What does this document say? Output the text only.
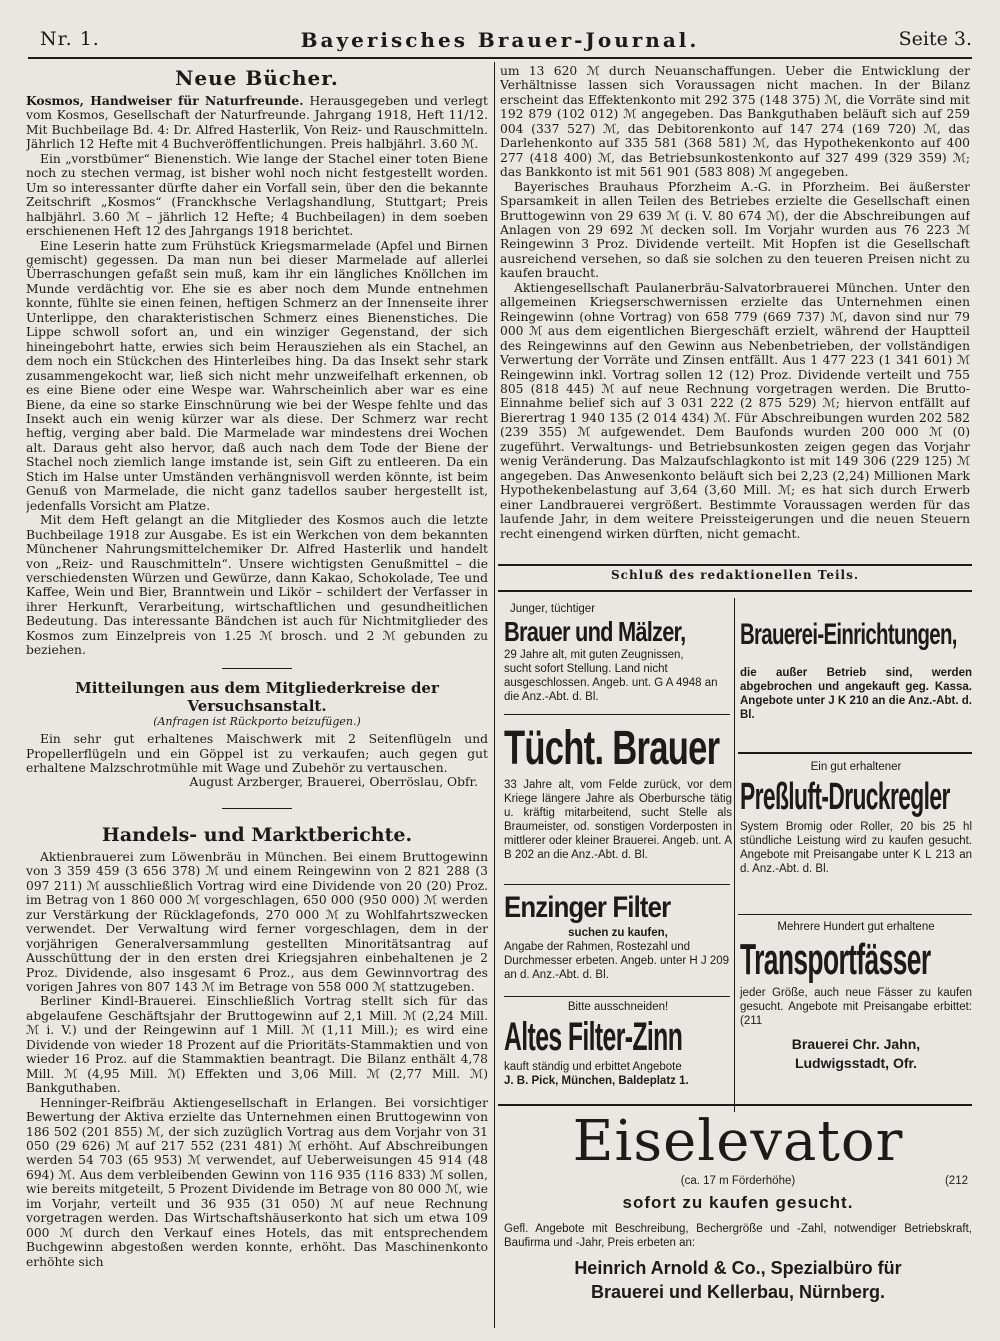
Nr. 1.	Bayerisches Brauer-Journal.	Seite 3.
Neue Bücher.

Kosmos, Handweiser für Naturfreunde. Herausgegeben und verlegt vom Kosmos, Gesellschaft der Naturfreunde. Jahrgang 1918, Heft 11/12. Mit Buchbeilage Bd. 4: Dr. Alfred Hasterlik, Von Reiz- und Rauschmitteln. Jährlich 12 Hefte mit 4 Buchveröffentlichungen. Preis halbjährl. 3.60 ℳ.

Ein „vorstbümer“ Bienenstich. Wie lange der Stachel einer toten Biene noch zu stechen vermag, ist bisher wohl noch nicht festgestellt worden. Um so interessanter dürfte daher ein Vorfall sein, über den die bekannte Zeitschrift „Kosmos“ (Franckhsche Verlagshandlung, Stuttgart; Preis halbjährl. 3.60 ℳ – jährlich 12 Hefte; 4 Buchbeilagen) in dem soeben erschienenen Heft 12 des Jahrgangs 1918 berichtet.

Eine Leserin hatte zum Frühstück Kriegsmarmelade (Apfel und Birnen gemischt) gegessen. Da man nun bei dieser Marmelade auf allerlei Überraschungen gefaßt sein muß, kam ihr ein längliches Knöllchen im Munde verdächtig vor. Ehe sie es aber noch dem Munde entnehmen konnte, fühlte sie einen feinen, heftigen Schmerz an der Innenseite ihrer Unterlippe, den charakteristischen Schmerz eines Bienenstiches. Die Lippe schwoll sofort an, und ein winziger Gegenstand, der sich hineingebohrt hatte, erwies sich beim Herausziehen als ein Stachel, an dem noch ein Stückchen des Hinterleibes hing. Da das Insekt sehr stark zusammengekocht war, ließ sich nicht mehr unzweifelhaft erkennen, ob es eine Biene oder eine Wespe war. Wahrscheinlich aber war es eine Biene, da eine so starke Einschnürung wie bei der Wespe fehlte und das Insekt auch ein wenig kürzer war als diese. Der Schmerz war recht heftig, verging aber bald. Die Marmelade war mindestens drei Wochen alt. Daraus geht also hervor, daß auch nach dem Tode der Biene der Stachel noch ziemlich lange imstande ist, sein Gift zu entleeren. Da ein Stich im Halse unter Umständen verhängnisvoll werden könnte, ist beim Genuß von Marmelade, die nicht ganz tadellos sauber hergestellt ist, jedenfalls Vorsicht am Platze.

Mit dem Heft gelangt an die Mitglieder des Kosmos auch die letzte Buchbeilage 1918 zur Ausgabe. Es ist ein Werkchen von dem bekannten Münchener Nahrungsmittelchemiker Dr. Alfred Hasterlik und handelt von „Reiz- und Rauschmitteln“. Unsere wichtigsten Genußmittel – die verschiedensten Würzen und Gewürze, dann Kakao, Schokolade, Tee und Kaffee, Wein und Bier, Branntwein und Likör – schildert der Verfasser in ihrer Herkunft, Verarbeitung, wirtschaftlichen und gesundheitlichen Bedeutung. Das interessante Bändchen ist auch für Nichtmitglieder des Kosmos zum Einzelpreis von 1.25 ℳ brosch. und 2 ℳ gebunden zu beziehen.

Mitteilungen aus dem Mitgliederkreise der Versuchsanstalt.
(Anfragen ist Rückporto beizufügen.)

Ein sehr gut erhaltenes Maischwerk mit 2 Seitenflügeln und Propellerflügeln und ein Göppel ist zu verkaufen; auch gegen gut erhaltene Malzschrotmühle mit Wage und Zubehör zu vertauschen.

August Arzberger, Brauerei, Oberröslau, Obfr.
Handels- und Marktberichte.

Aktienbrauerei zum Löwenbräu in München. Bei einem Bruttogewinn von 3 359 459 (3 656 378) ℳ und einem Reingewinn von 2 821 288 (3 097 211) ℳ ausschließlich Vortrag wird eine Dividende von 20 (20) Proz. im Betrag von 1 860 000 ℳ vorgeschlagen, 650 000 (950 000) ℳ werden zur Verstärkung der Rücklagefonds, 270 000 ℳ zu Wohlfahrtszwecken verwendet. Der Verwaltung wird ferner vorgeschlagen, dem in der vorjährigen Generalversammlung gestellten Minoritätsantrag auf Ausschüttung der in den ersten drei Kriegsjahren einbehaltenen je 2 Proz. Dividende, also insgesamt 6 Proz., aus dem Gewinnvortrag des vorigen Jahres von 807 143 ℳ im Betrage von 558 000 ℳ stattzugeben.

Berliner Kindl-Brauerei. Einschließlich Vortrag stellt sich für das abgelaufene Geschäftsjahr der Bruttogewinn auf 2,1 Mill. ℳ (2,24 Mill. ℳ i. V.) und der Reingewinn auf 1 Mill. ℳ (1,11 Mill.); es wird eine Dividende von wieder 18 Prozent auf die Prioritäts-Stammaktien und von wieder 16 Proz. auf die Stammaktien beantragt. Die Bilanz enthält 4,78 Mill. ℳ (4,95 Mill. ℳ) Effekten und 3,06 Mill. ℳ (2,77 Mill. ℳ) Bankguthaben.

Henninger-Reifbräu Aktiengesellschaft in Erlangen. Bei vorsichtiger Bewertung der Aktiva erzielte das Unternehmen einen Bruttogewinn von 186 502 (201 855) ℳ, der sich zuzüglich Vortrag aus dem Vorjahr von 31 050 (29 626) ℳ auf 217 552 (231 481) ℳ erhöht. Auf Abschreibungen werden 54 703 (65 953) ℳ verwendet, auf Ueberweisungen 45 914 (48 694) ℳ. Aus dem verbleibenden Gewinn von 116 935 (116 833) ℳ sollen, wie bereits mitgeteilt, 5 Prozent Dividende im Betrage von 80 000 ℳ, wie im Vorjahr, verteilt und 36 935 (31 050) ℳ auf neue Rechnung vorgetragen werden. Das Wirtschaftshäuserkonto hat sich um etwa 109 000 ℳ durch den Verkauf eines Hotels, das mit entsprechendem Buchgewinn abgestoßen werden konnte, erhöht. Das Maschinenkonto erhöhte sich

um 13 620 ℳ durch Neuanschaffungen. Ueber die Entwicklung der Verhältnisse lassen sich Voraussagen nicht machen. In der Bilanz erscheint das Effektenkonto mit 292 375 (148 375) ℳ, die Vorräte sind mit 192 879 (102 012) ℳ angegeben. Das Bankguthaben beläuft sich auf 259 004 (337 527) ℳ, das Debitorenkonto auf 147 274 (169 720) ℳ, das Darlehenkonto auf 335 581 (368 581) ℳ, das Hypothekenkonto auf 400 277 (418 400) ℳ, das Betriebsunkostenkonto auf 327 499 (329 359) ℳ; das Bankkonto ist mit 561 901 (583 808) ℳ angegeben.

Bayerisches Brauhaus Pforzheim A.-G. in Pforzheim. Bei äußerster Sparsamkeit in allen Teilen des Betriebes erzielte die Gesellschaft einen Bruttogewinn von 29 639 ℳ (i. V. 80 674 ℳ), der die Abschreibungen auf Anlagen von 29 692 ℳ decken soll. Im Vorjahr wurden aus 76 223 ℳ Reingewinn 3 Proz. Dividende verteilt. Mit Hopfen ist die Gesellschaft ausreichend versehen, so daß sie solchen zu den teueren Preisen nicht zu kaufen braucht.

Aktiengesellschaft Paulanerbräu-Salvatorbrauerei München. Unter den allgemeinen Kriegserschwernissen erzielte das Unternehmen einen Reingewinn (ohne Vortrag) von 658 779 (669 737) ℳ, davon sind nur 79 000 ℳ aus dem eigentlichen Biergeschäft erzielt, während der Hauptteil des Reingewinns auf den Gewinn aus Nebenbetrieben, der vollständigen Verwertung der Vorräte und Zinsen entfällt. Aus 1 477 223 (1 341 601) ℳ Reingewinn inkl. Vortrag sollen 12 (12) Proz. Dividende verteilt und 755 805 (818 445) ℳ auf neue Rechnung vorgetragen werden. Die Brutto-Einnahme belief sich auf 3 031 222 (2 875 529) ℳ; hiervon entfällt auf Bierertrag 1 940 135 (2 014 434) ℳ. Für Abschreibungen wurden 202 582 (239 355) ℳ aufgewendet. Dem Baufonds wurden 200 000 ℳ (0) zugeführt. Verwaltungs- und Betriebsunkosten zeigen gegen das Vorjahr wenig Veränderung. Das Malzaufschlagkonto ist mit 149 306 (229 125) ℳ angegeben. Das Anwesenkonto beläuft sich bei 2,23 (2,24) Millionen Mark Hypothekenbelastung auf 3,64 (3,60 Mill. ℳ; es hat sich durch Erwerb einer Landbrauerei vergrößert. Bestimmte Voraussagen werden für das laufende Jahr, in dem weitere Preissteigerungen und die neuen Steuern recht einengend wirken dürften, nicht gemacht.

Schluß des redaktionellen Teils.
Junger, tüchtiger
Brauer und Mälzer,
29 Jahre alt, mit guten Zeugnissen,
sucht sofort Stellung. Land nicht ausgeschlossen. Angeb. unt. G A 4948 an die Anz.-Abt. d. Bl.
Tücht. Brauer
33 Jahre alt, vom Felde zurück, vor dem Kriege längere Jahre als Oberbursche tätig u. kräftig mitarbeitend, sucht Stelle als Braumeister, od. sonstigen Vorderposten in mittlerer oder kleiner Brauerei. Angeb. unt. A B 202 an die Anz.-Abt. d. Bl.
Enzinger Filter
suchen zu kaufen,
Angabe der Rahmen, Rostezahl und Durchmesser erbeten. Angeb. unter H J 209 an d. Anz.-Abt. d. Bl.
Bitte ausschneiden!
Altes Filter-Zinn
kauft ständig und erbittet Angebote
J. B. Pick, München, Baldeplatz 1.
Brauerei-Einrichtungen,
die außer Betrieb sind, werden abgebrochen und angekauft geg. Kassa. Angebote unter J K 210 an die Anz.-Abt. d. Bl.
Ein gut erhaltener
Preßluft-Druckregler
System Bromig oder Roller, 20 bis 25 hl stündliche Leistung wird zu kaufen gesucht. Angebote mit Preisangabe unter K L 213 an d. Anz.-Abt. d. Bl.
Mehrere Hundert gut erhaltene
Transportfässer
jeder Größe, auch neue Fässer zu kaufen gesucht. Angebote mit Preisangabe erbittet: (211
Brauerei Chr. Jahn,
Ludwigsstadt, Ofr.
Eiselevator
(ca. 17 m Förderhöhe)	(212
sofort zu kaufen gesucht.
Gefl. Angebote mit Beschreibung, Bechergröße und -Zahl, notwendiger Betriebskraft, Baufirma und -Jahr, Preis erbeten an:
Heinrich Arnold & Co., Spezialbüro für
Brauerei und Kellerbau, Nürnberg.
